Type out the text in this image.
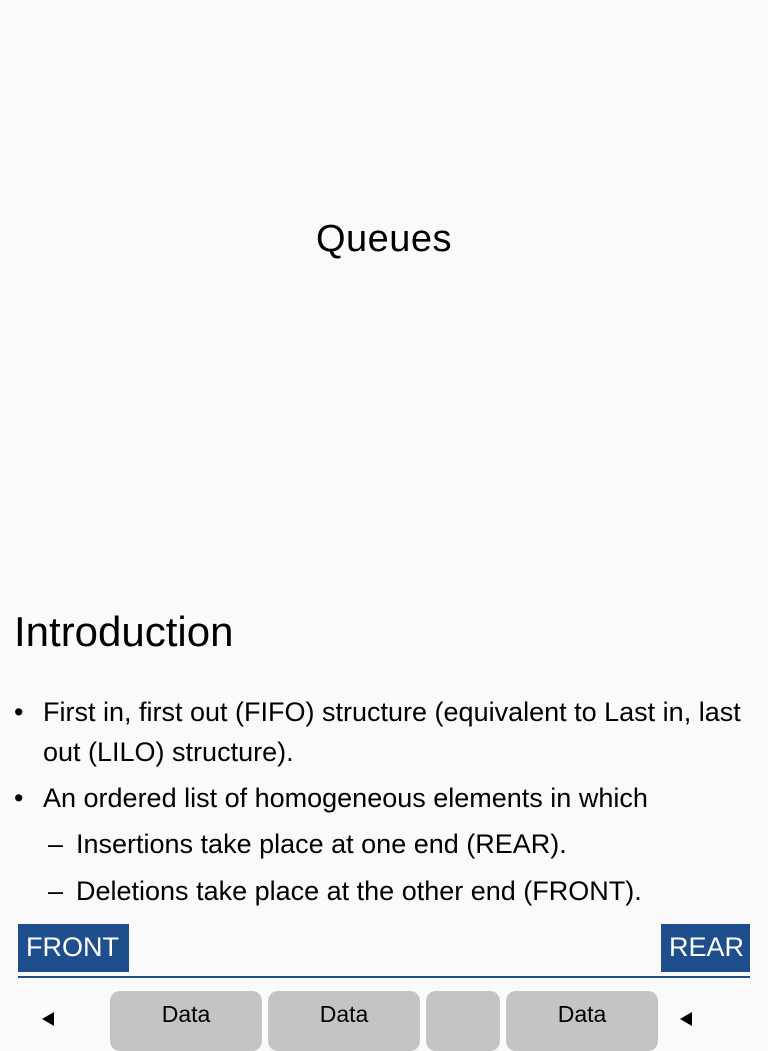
Queues
Introduction
• First in, first out (FIFO) structure (equivalent to Last in, last out (LILO) structure).
• An ordered list of homogeneous elements in which
– Insertions take place at one end (REAR).
– Deletions take place at the other end (FRONT).
FRONT	REAR
Data	Data	Data
